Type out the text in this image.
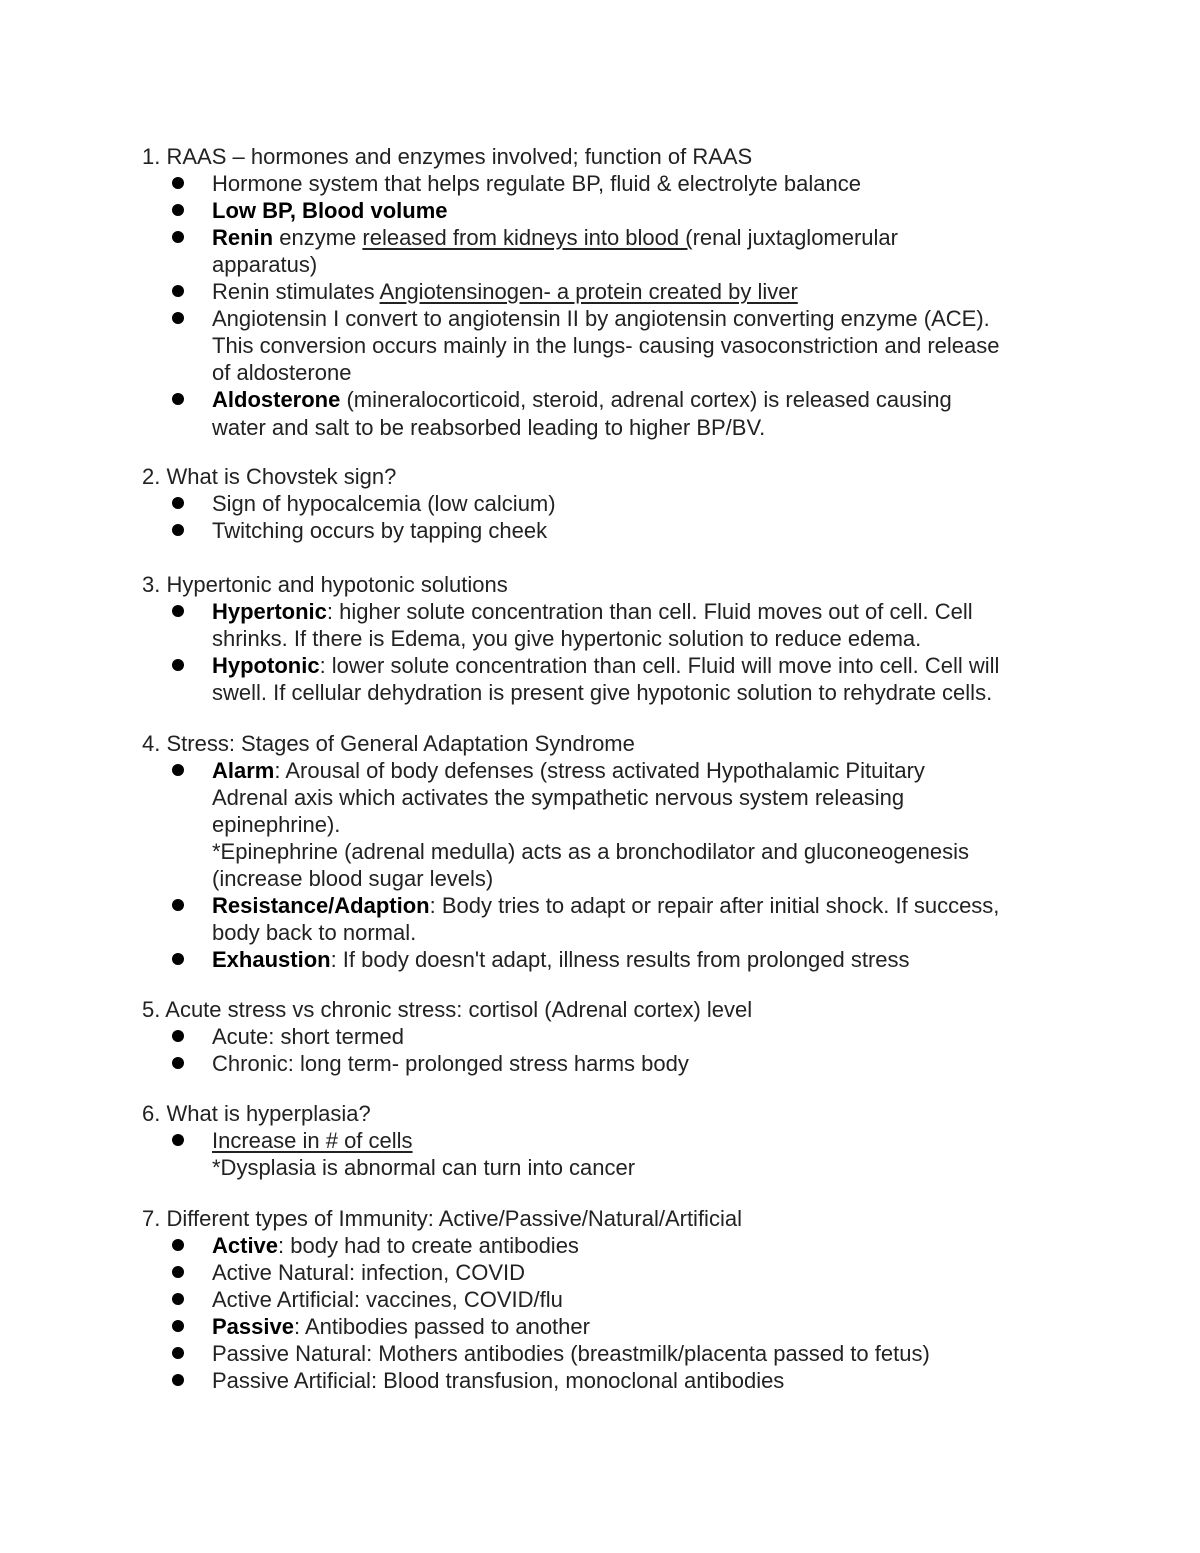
1. RAAS – hormones and enzymes involved; function of RAAS
Hormone system that helps regulate BP, fluid & electrolyte balance
Low BP, Blood volume
Renin enzyme released from kidneys into blood (renal juxtaglomerular
apparatus)
Renin stimulates Angiotensinogen- a protein created by liver
Angiotensin I convert to angiotensin II by angiotensin converting enzyme (ACE).
This conversion occurs mainly in the lungs- causing vasoconstriction and release
of aldosterone
Aldosterone (mineralocorticoid, steroid, adrenal cortex) is released causing
water and salt to be reabsorbed leading to higher BP/BV.
2. What is Chovstek sign?
Sign of hypocalcemia (low calcium)
Twitching occurs by tapping cheek
3. Hypertonic and hypotonic solutions
Hypertonic: higher solute concentration than cell. Fluid moves out of cell. Cell
shrinks. If there is Edema, you give hypertonic solution to reduce edema.
Hypotonic: lower solute concentration than cell. Fluid will move into cell. Cell will
swell. If cellular dehydration is present give hypotonic solution to rehydrate cells.
4. Stress: Stages of General Adaptation Syndrome
Alarm: Arousal of body defenses (stress activated Hypothalamic Pituitary
Adrenal axis which activates the sympathetic nervous system releasing
epinephrine).
*Epinephrine (adrenal medulla) acts as a bronchodilator and gluconeogenesis
(increase blood sugar levels)
Resistance/Adaption: Body tries to adapt or repair after initial shock. If success,
body back to normal.
Exhaustion: If body doesn't adapt, illness results from prolonged stress
5. Acute stress vs chronic stress: cortisol (Adrenal cortex) level
Acute: short termed
Chronic: long term- prolonged stress harms body
6. What is hyperplasia?
Increase in # of cells
*Dysplasia is abnormal can turn into cancer
7. Different types of Immunity: Active/Passive/Natural/Artificial
Active: body had to create antibodies
Active Natural: infection, COVID
Active Artificial: vaccines, COVID/flu
Passive: Antibodies passed to another
Passive Natural: Mothers antibodies (breastmilk/placenta passed to fetus)
Passive Artificial: Blood transfusion, monoclonal antibodies
